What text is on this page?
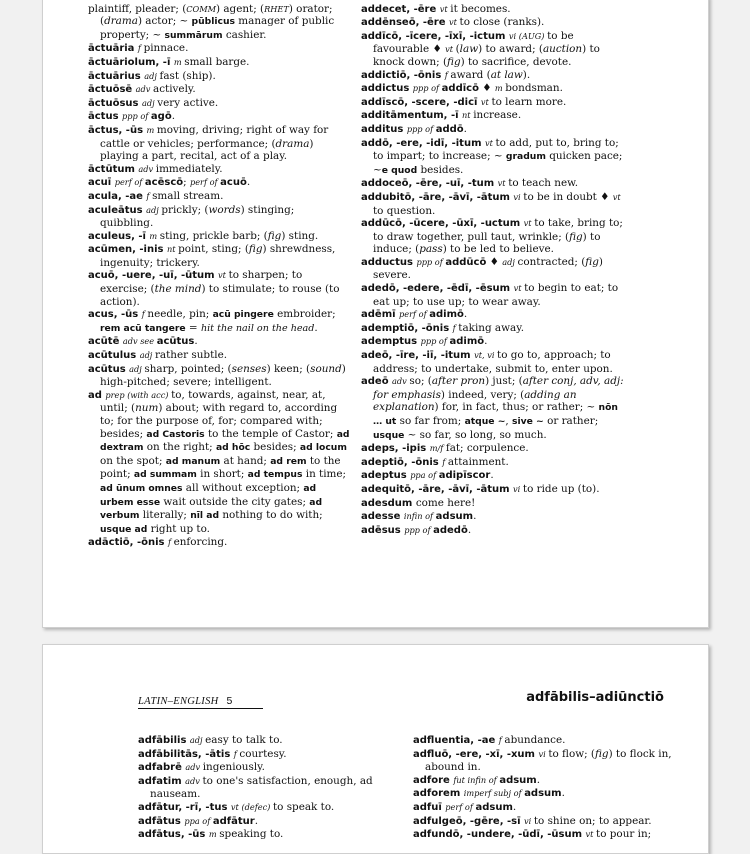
plaintiff, pleader; (COMM) agent; (RHET) orator; (drama) actor; ~ pūblicus manager of public property; ~ summārum cashier.

āctuāria f pinnace.

āctuāriolum, -ī m small barge.

āctuārius adj fast (ship).

āctuōsē adv actively.

āctuōsus adj very active.

āctus ppp of agō.

āctus, -ūs m moving, driving; right of way for cattle or vehicles; performance; (drama) playing a part, recital, act of a play.

āctūtum adv immediately.

acuī perf of acēscō; perf of acuō.

acula, -ae f small stream.

aculeātus adj prickly; (words) stinging; quibbling.

aculeus, -ī m sting, prickle barb; (fig) sting.

acūmen, -inis nt point, sting; (fig) shrewdness, ingenuity; trickery.

acuō, -uere, -uī, -ūtum vt to sharpen; to exercise; (the mind) to stimulate; to rouse (to action).

acus, -ūs f needle, pin; acū pingere embroider; rem acū tangere = hit the nail on the head.

acūtē adv see acūtus.

acūtulus adj rather subtle.

acūtus adj sharp, pointed; (senses) keen; (sound) high-pitched; severe; intelligent.

ad prep (with acc) to, towards, against, near, at, until; (num) about; with regard to, according to; for the purpose of, for; compared with; besides; ad Castoris to the temple of Castor; ad dextram on the right; ad hōc besides; ad locum on the spot; ad manum at hand; ad rem to the point; ad summam in short; ad tempus in time; ad ūnum omnes all without exception; ad urbem esse wait outside the city gates; ad verbum literally; nīl ad nothing to do with; usque ad right up to.

adāctiō, -ōnis f enforcing.

addecet, -ēre vt it becomes.

addēnseō, -ēre vt to close (ranks).

addīcō, -īcere, -īxī, -ictum vi (AUG) to be favourable ♦ vt (law) to award; (auction) to knock down; (fig) to sacrifice, devote.

addictiō, -ōnis f award (at law).

addictus ppp of addīcō ♦ m bondsman.

addīscō, -scere, -dicī vt to learn more.

additāmentum, -ī nt increase.

additus ppp of addō.

addō, -ere, -idī, -itum vt to add, put to, bring to; to impart; to increase; ~ gradum quicken pace; ~e quod besides.

addoceō, -ēre, -uī, -tum vt to teach new.

addubitō, -āre, -āvī, -ātum vi to be in doubt ♦ vt to question.

addūcō, -ūcere, -ūxī, -uctum vt to take, bring to; to draw together, pull taut, wrinkle; (fig) to induce; (pass) to be led to believe.

adductus ppp of addūcō ♦ adj contracted; (fig) severe.

adedō, -edere, -ēdī, -ēsum vt to begin to eat; to eat up; to use up; to wear away.

adēmī perf of adimō.

ademptiō, -ōnis f taking away.

ademptus ppp of adimō.

adeō, -īre, -iī, -itum vt, vi to go to, approach; to address; to undertake, submit to, enter upon.

adeō adv so; (after pron) just; (after conj, adv, adj: for emphasis) indeed, very; (adding an explanation) for, in fact, thus; or rather; ~ nōn … ut so far from; atque ~, sive ~ or rather; usque ~ so far, so long, so much.

adeps, -ipis m/f fat; corpulence.

adeptiō, -ōnis f attainment.

adeptus ppa of adipīscor.

adequitō, -āre, -āvī, -ātum vi to ride up (to).

adesdum come here!

adesse infin of adsum.

adēsus ppp of adedō.

LATIN–ENGLISH 5	adfābilis–adiūnctiō

adfābilis adj easy to talk to.

adfābilitās, -ātis f courtesy.

adfabrē adv ingeniously.

adfatim adv to one's satisfaction, enough, ad nauseam.

adfātur, -rī, -tus vt (defec) to speak to.

adfātus ppa of adfātur.

adfātus, -ūs m speaking to.

adfluentia, -ae f abundance.

adfluō, -ere, -xī, -xum vi to flow; (fig) to flock in, abound in.

adfore fut infin of adsum.

adforem imperf subj of adsum.

adfuī perf of adsum.

adfulgeō, -gēre, -sī vi to shine on; to appear.

adfundō, -undere, -ūdī, -ūsum vt to pour in;
